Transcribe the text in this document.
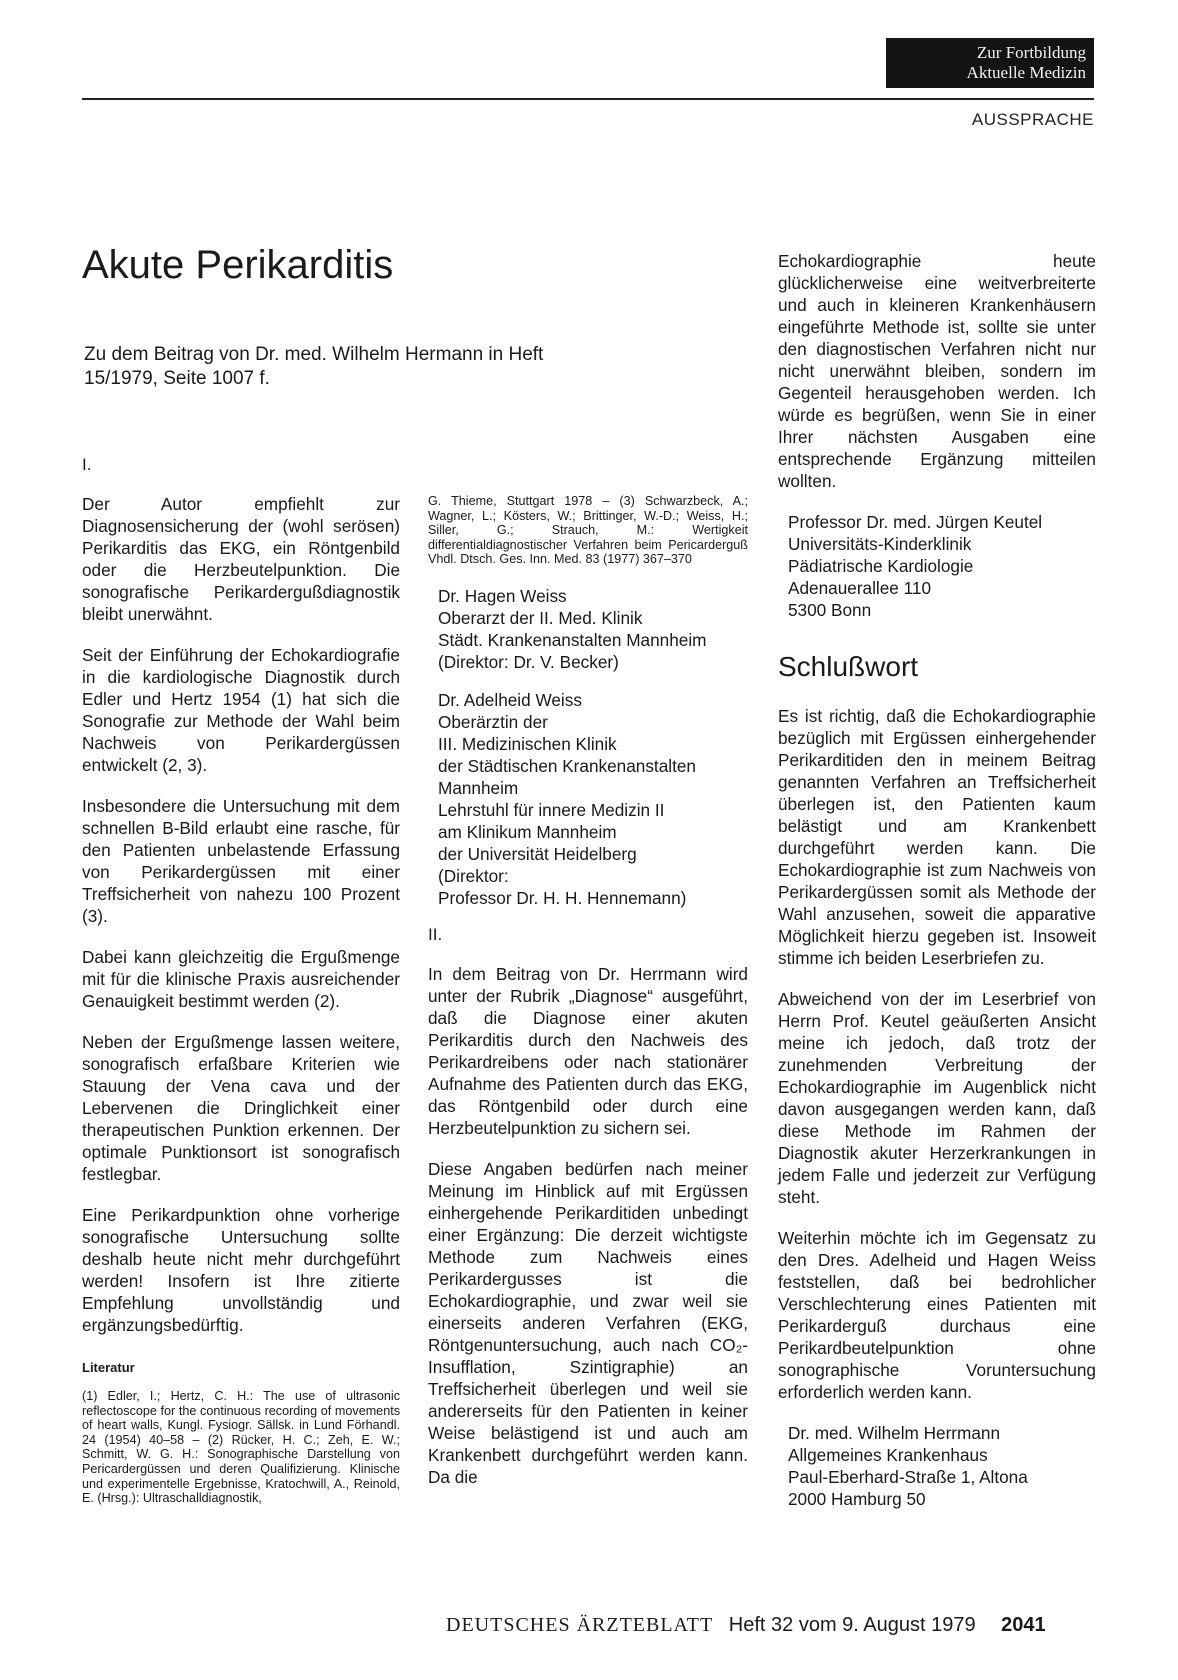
Zur Fortbildung
Aktuelle Medizin
AUSSPRACHE
Akute Perikarditis

Zu dem Beitrag von Dr. med. Wilhelm Hermann in Heft 15/1979, Seite 1007 f.

I.

Der Autor empfiehlt zur Diagnosensicherung der (wohl serösen) Perikarditis das EKG, ein Röntgenbild oder die Herzbeutelpunktion. Die sonografische Perikardergußdiagnostik bleibt unerwähnt.

Seit der Einführung der Echokardiografie in die kardiologische Diagnostik durch Edler und Hertz 1954 (1) hat sich die Sonografie zur Methode der Wahl beim Nachweis von Perikardergüssen entwickelt (2, 3).

Insbesondere die Untersuchung mit dem schnellen B-Bild erlaubt eine rasche, für den Patienten unbelastende Erfassung von Perikardergüssen mit einer Treffsicherheit von nahezu 100 Prozent (3).

Dabei kann gleichzeitig die Ergußmenge mit für die klinische Praxis ausreichender Genauigkeit bestimmt werden (2).

Neben der Ergußmenge lassen weitere, sonografisch erfaßbare Kriterien wie Stauung der Vena cava und der Lebervenen die Dringlichkeit einer therapeutischen Punktion erkennen. Der optimale Punktionsort ist sonografisch festlegbar.

Eine Perikardpunktion ohne vorherige sonografische Untersuchung sollte deshalb heute nicht mehr durchgeführt werden! Insofern ist Ihre zitierte Empfehlung unvollständig und ergänzungsbedürftig.

Literatur

(1) Edler, I.; Hertz, C. H.: The use of ultrasonic reflectoscope for the continuous recording of movements of heart walls, Kungl. Fysiogr. Sällsk. in Lund Förhandl. 24 (1954) 40–58 – (2) Rücker, H. C.; Zeh, E. W.; Schmitt, W. G. H.: Sonographische Darstellung von Pericardergüssen und deren Qualifizierung. Klinische und experimentelle Ergebnisse, Kratochwill, A., Reinold, E. (Hrsg.): Ultraschalldiagnostik,

G. Thieme, Stuttgart 1978 – (3) Schwarzbeck, A.; Wagner, L.; Kösters, W.; Brittinger, W.-D.; Weiss, H.; Siller, G.; Strauch, M.: Wertigkeit differentialdiagnostischer Verfahren beim Pericarderguß Vhdl. Dtsch. Ges. Inn. Med. 83 (1977) 367–370

Dr. Hagen Weiss
Oberarzt der II. Med. Klinik
Städt. Krankenanstalten Mannheim
(Direktor: Dr. V. Becker)
Dr. Adelheid Weiss
Oberärztin der
III. Medizinischen Klinik
der Städtischen Krankenanstalten
Mannheim
Lehrstuhl für innere Medizin II
am Klinikum Mannheim
der Universität Heidelberg
(Direktor:
Professor Dr. H. H. Hennemann)
II.

In dem Beitrag von Dr. Herrmann wird unter der Rubrik „Diagnose“ ausgeführt, daß die Diagnose einer akuten Perikarditis durch den Nachweis des Perikardreibens oder nach stationärer Aufnahme des Patienten durch das EKG, das Röntgenbild oder durch eine Herzbeutelpunktion zu sichern sei.

Diese Angaben bedürfen nach meiner Meinung im Hinblick auf mit Ergüssen einhergehende Perikarditiden unbedingt einer Ergänzung: Die derzeit wichtigste Methode zum Nachweis eines Perikardergusses ist die Echokardiographie, und zwar weil sie einerseits anderen Verfahren (EKG, Röntgenuntersuchung, auch nach CO₂-Insufflation, Szintigraphie) an Treffsicherheit überlegen und weil sie andererseits für den Patienten in keiner Weise belästigend ist und auch am Krankenbett durchgeführt werden kann. Da die

Echokardiographie heute glücklicherweise eine weitverbreiterte und auch in kleineren Krankenhäusern eingeführte Methode ist, sollte sie unter den diagnostischen Verfahren nicht nur nicht unerwähnt bleiben, sondern im Gegenteil herausgehoben werden. Ich würde es begrüßen, wenn Sie in einer Ihrer nächsten Ausgaben eine entsprechende Ergänzung mitteilen wollten.

Professor Dr. med. Jürgen Keutel
Universitäts-Kinderklinik
Pädiatrische Kardiologie
Adenauerallee 110
5300 Bonn
Schlußwort

Es ist richtig, daß die Echokardiographie bezüglich mit Ergüssen einhergehender Perikarditiden den in meinem Beitrag genannten Verfahren an Treffsicherheit überlegen ist, den Patienten kaum belästigt und am Krankenbett durchgeführt werden kann. Die Echokardiographie ist zum Nachweis von Perikardergüssen somit als Methode der Wahl anzusehen, soweit die apparative Möglichkeit hierzu gegeben ist. Insoweit stimme ich beiden Leserbriefen zu.

Abweichend von der im Leserbrief von Herrn Prof. Keutel geäußerten Ansicht meine ich jedoch, daß trotz der zunehmenden Verbreitung der Echokardiographie im Augenblick nicht davon ausgegangen werden kann, daß diese Methode im Rahmen der Diagnostik akuter Herzerkrankungen in jedem Falle und jederzeit zur Verfügung steht.

Weiterhin möchte ich im Gegensatz zu den Dres. Adelheid und Hagen Weiss feststellen, daß bei bedrohlicher Verschlechterung eines Patienten mit Perikarderguß durchaus eine Perikardbeutelpunktion ohne sonographische Voruntersuchung erforderlich werden kann.

Dr. med. Wilhelm Herrmann
Allgemeines Krankenhaus
Paul-Eberhard-Straße 1, Altona
2000 Hamburg 50
DEUTSCHES ÄRZTEBLATT Heft 32 vom 9. August 1979 2041
